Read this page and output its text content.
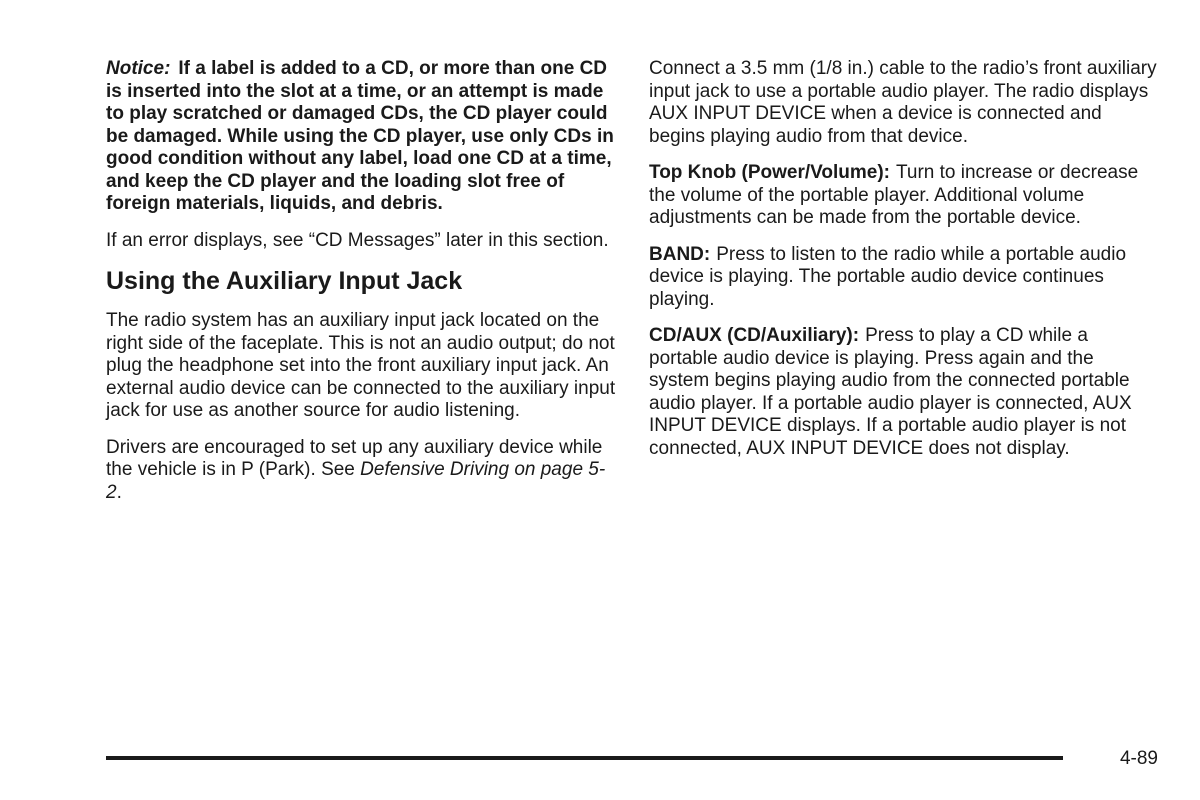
Notice: If a label is added to a CD, or more than one CD is inserted into the slot at a time, or an attempt is made to play scratched or damaged CDs, the CD player could be damaged. While using the CD player, use only CDs in good condition without any label, load one CD at a time, and keep the CD player and the loading slot free of foreign materials, liquids, and debris.

If an error displays, see “CD Messages” later in this section.

Using the Auxiliary Input Jack

The radio system has an auxiliary input jack located on the right side of the faceplate. This is not an audio output; do not plug the headphone set into the front auxiliary input jack. An external audio device can be connected to the auxiliary input jack for use as another source for audio listening.

Drivers are encouraged to set up any auxiliary device while the vehicle is in P (Park). See Defensive Driving on page 5-2.

Connect a 3.5 mm (1/8 in.) cable to the radio’s front auxiliary input jack to use a portable audio player. The radio displays AUX INPUT DEVICE when a device is connected and begins playing audio from that device.

Top Knob (Power/Volume): Turn to increase or decrease the volume of the portable player. Additional volume adjustments can be made from the portable device.

BAND: Press to listen to the radio while a portable audio device is playing. The portable audio device continues playing.

CD/AUX (CD/Auxiliary): Press to play a CD while a portable audio device is playing. Press again and the system begins playing audio from the connected portable audio player. If a portable audio player is connected, AUX INPUT DEVICE displays. If a portable audio player is not connected, AUX INPUT DEVICE does not display.

4-89
